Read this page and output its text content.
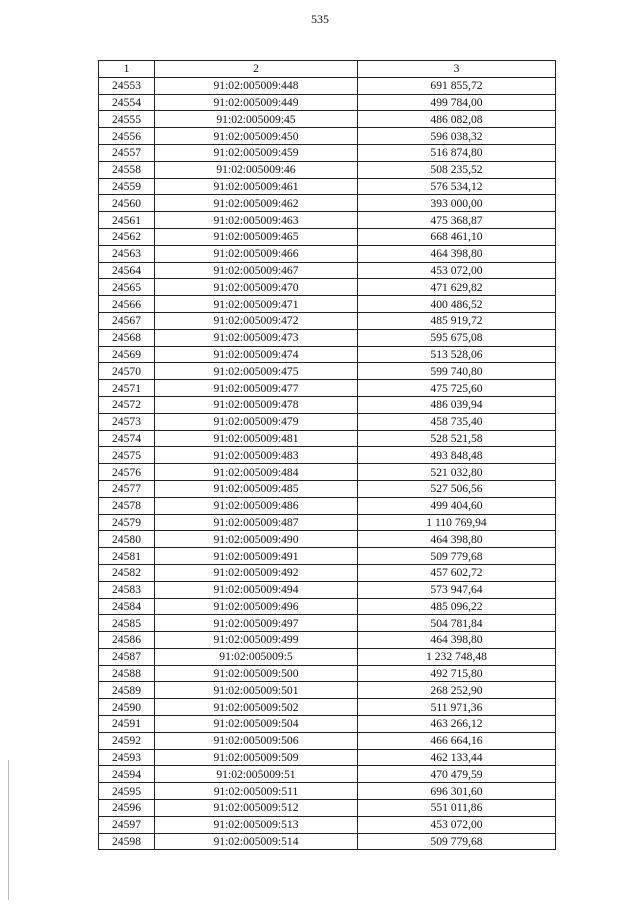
535
1	2	3
24553	91:02:005009:448	691 855,72
24554	91:02:005009:449	499 784,00
24555	91:02:005009:45	486 082,08
24556	91:02:005009:450	596 038,32
24557	91:02:005009:459	516 874,80
24558	91:02:005009:46	508 235,52
24559	91:02:005009:461	576 534,12
24560	91:02:005009:462	393 000,00
24561	91:02:005009:463	475 368,87
24562	91:02:005009:465	668 461,10
24563	91:02:005009:466	464 398,80
24564	91:02:005009:467	453 072,00
24565	91:02:005009:470	471 629,82
24566	91:02:005009:471	400 486,52
24567	91:02:005009:472	485 919,72
24568	91:02:005009:473	595 675,08
24569	91:02:005009:474	513 528,06
24570	91:02:005009:475	599 740,80
24571	91:02:005009:477	475 725,60
24572	91:02:005009:478	486 039,94
24573	91:02:005009:479	458 735,40
24574	91:02:005009:481	528 521,58
24575	91:02:005009:483	493 848,48
24576	91:02:005009:484	521 032,80
24577	91:02:005009:485	527 506,56
24578	91:02:005009:486	499 404,60
24579	91:02:005009:487	1 110 769,94
24580	91:02:005009:490	464 398,80
24581	91:02:005009:491	509 779,68
24582	91:02:005009:492	457 602,72
24583	91:02:005009:494	573 947,64
24584	91:02:005009:496	485 096,22
24585	91:02:005009:497	504 781,84
24586	91:02:005009:499	464 398,80
24587	91:02:005009:5	1 232 748,48
24588	91:02:005009:500	492 715,80
24589	91:02:005009:501	268 252,90
24590	91:02:005009:502	511 971,36
24591	91:02:005009:504	463 266,12
24592	91:02:005009:506	466 664,16
24593	91:02:005009:509	462 133,44
24594	91:02:005009:51	470 479,59
24595	91:02:005009:511	696 301,60
24596	91:02:005009:512	551 011,86
24597	91:02:005009:513	453 072,00
24598	91:02:005009:514	509 779,68
